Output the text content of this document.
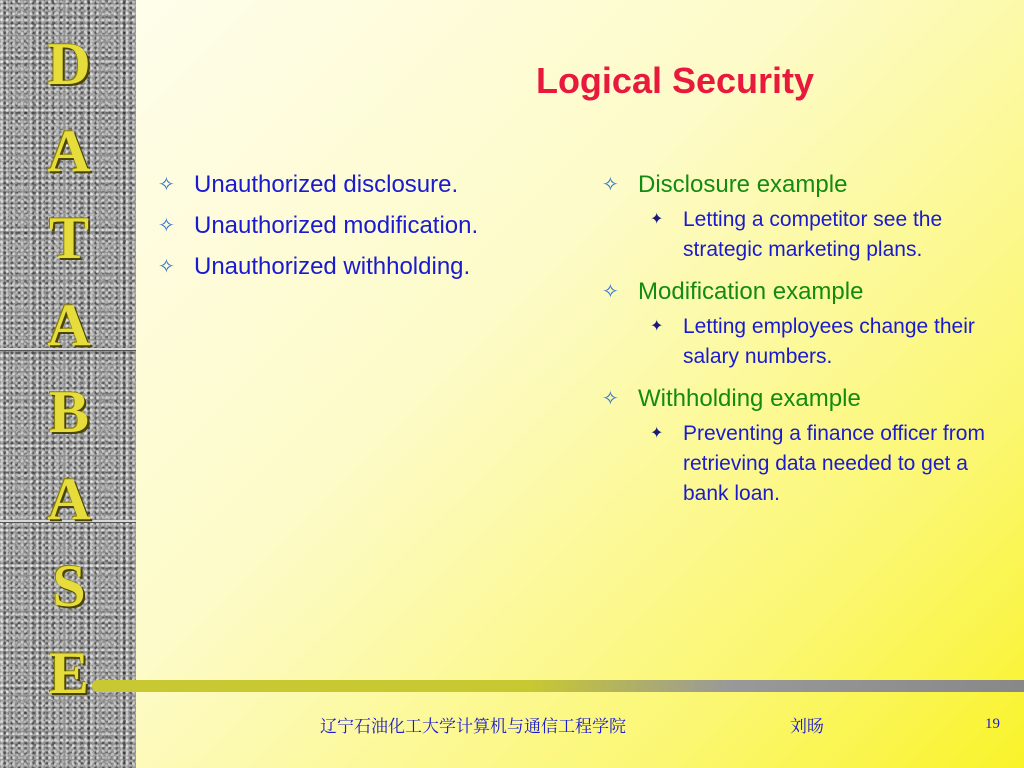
D
A
T
A
B
A
S
E
Logical Security
✧ Unauthorized disclosure.
✧ Unauthorized modification.
✧ Unauthorized withholding.
✧ Disclosure example
✦ Letting a competitor see the strategic marketing plans.
✧ Modification example
✦ Letting employees change their salary numbers.
✧ Withholding example
✦ Preventing a finance officer from retrieving data needed to get a bank loan.
辽宁石油化工大学计算机与通信工程学院	刘旸	19
